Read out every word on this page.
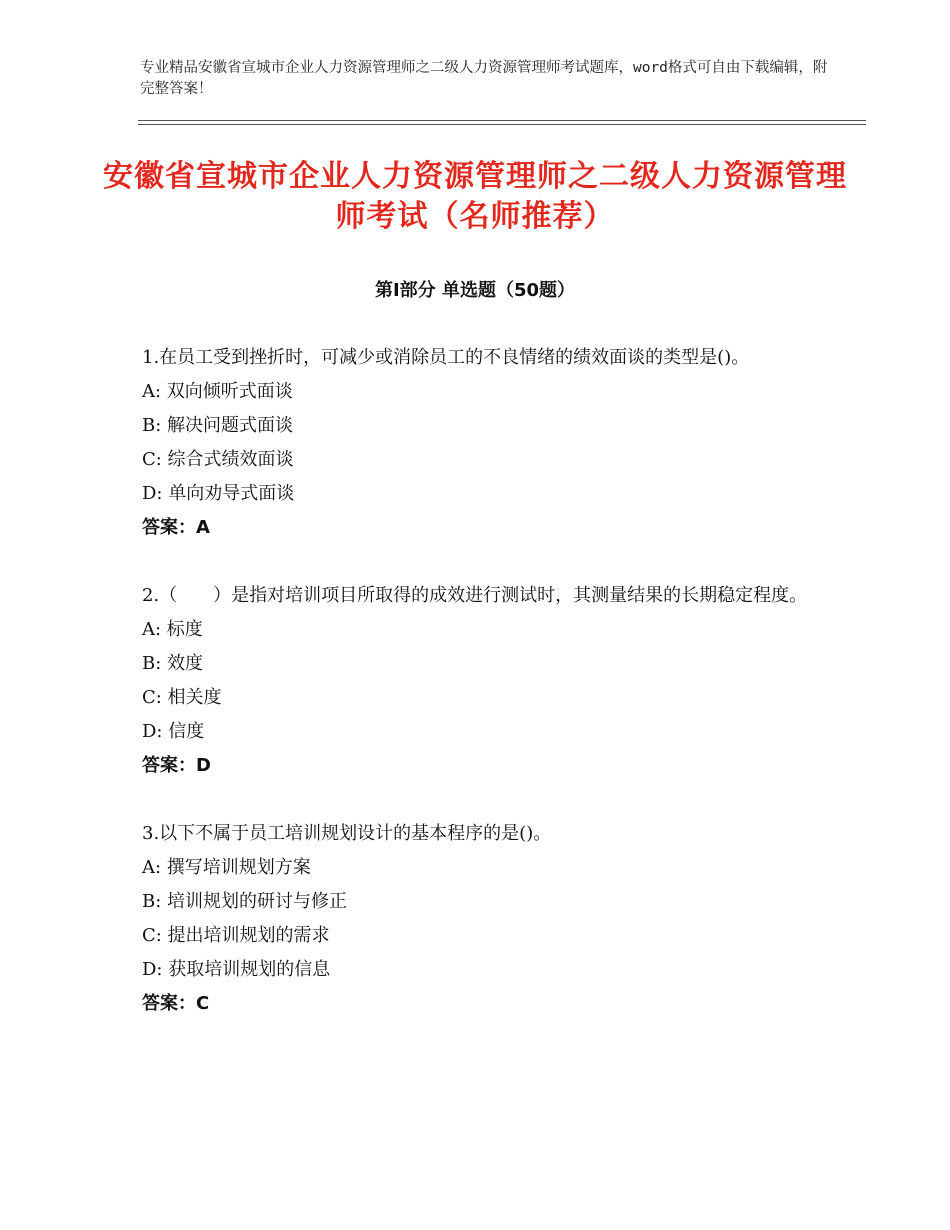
专业精品安徽省宣城市企业人力资源管理师之二级人力资源管理师考试题库，word格式可自由下载编辑，附完整答案！
安徽省宣城市企业人力资源管理师之二级人力资源管理师考试（名师推荐）
第Ⅰ部分 单选题（50题）
1.在员工受到挫折时，可减少或消除员工的不良情绪的绩效面谈的类型是()。
A: 双向倾听式面谈
B: 解决问题式面谈
C: 综合式绩效面谈
D: 单向劝导式面谈
答案：A
2.（　　）是指对培训项目所取得的成效进行测试时，其测量结果的长期稳定程度。
A: 标度
B: 效度
C: 相关度
D: 信度
答案：D
3.以下不属于员工培训规划设计的基本程序的是()。
A: 撰写培训规划方案
B: 培训规划的研讨与修正
C: 提出培训规划的需求
D: 获取培训规划的信息
答案：C
